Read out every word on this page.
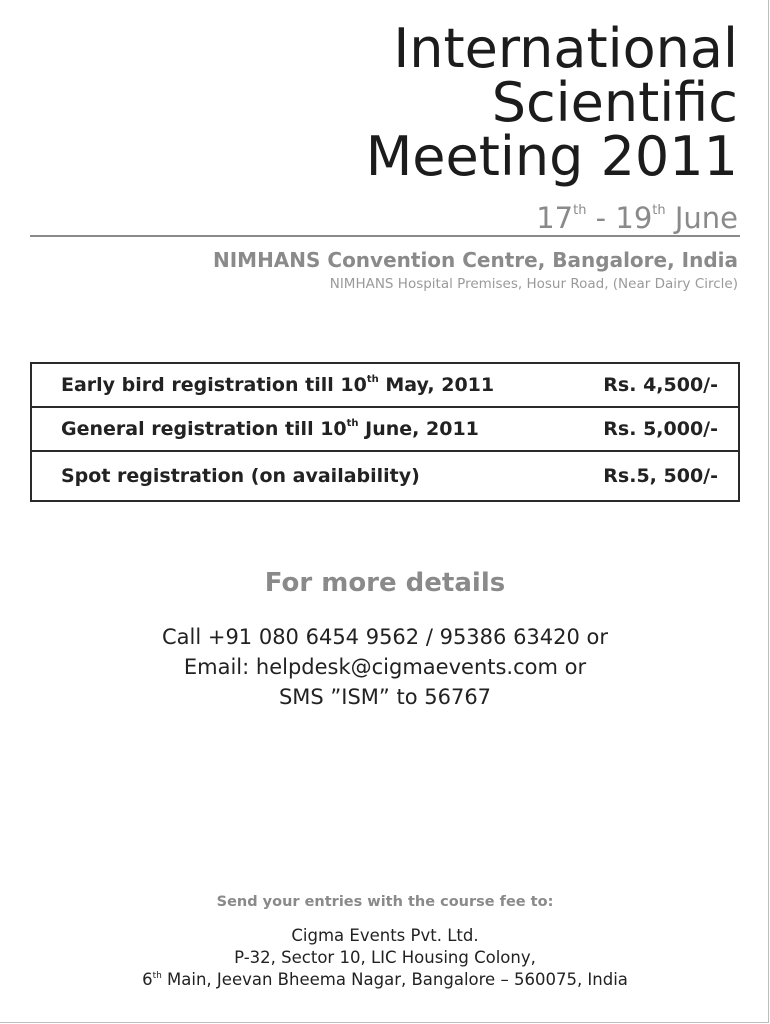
International
Scientific
Meeting 2011
17th - 19th June
NIMHANS Convention Centre, Bangalore, India
NIMHANS Hospital Premises, Hosur Road, (Near Dairy Circle)
Early bird registration till 10th May, 2011	Rs. 4,500/-
General registration till 10th June, 2011	Rs. 5,000/-
Spot registration (on availability)	Rs.5, 500/-
For more details
Call +91 080 6454 9562 / 95386 63420 or
Email: helpdesk@cigmaevents.com or
SMS ”ISM” to 56767
Send your entries with the course fee to:
Cigma Events Pvt. Ltd.
P-32, Sector 10, LIC Housing Colony,
6th Main, Jeevan Bheema Nagar, Bangalore – 560075, India
